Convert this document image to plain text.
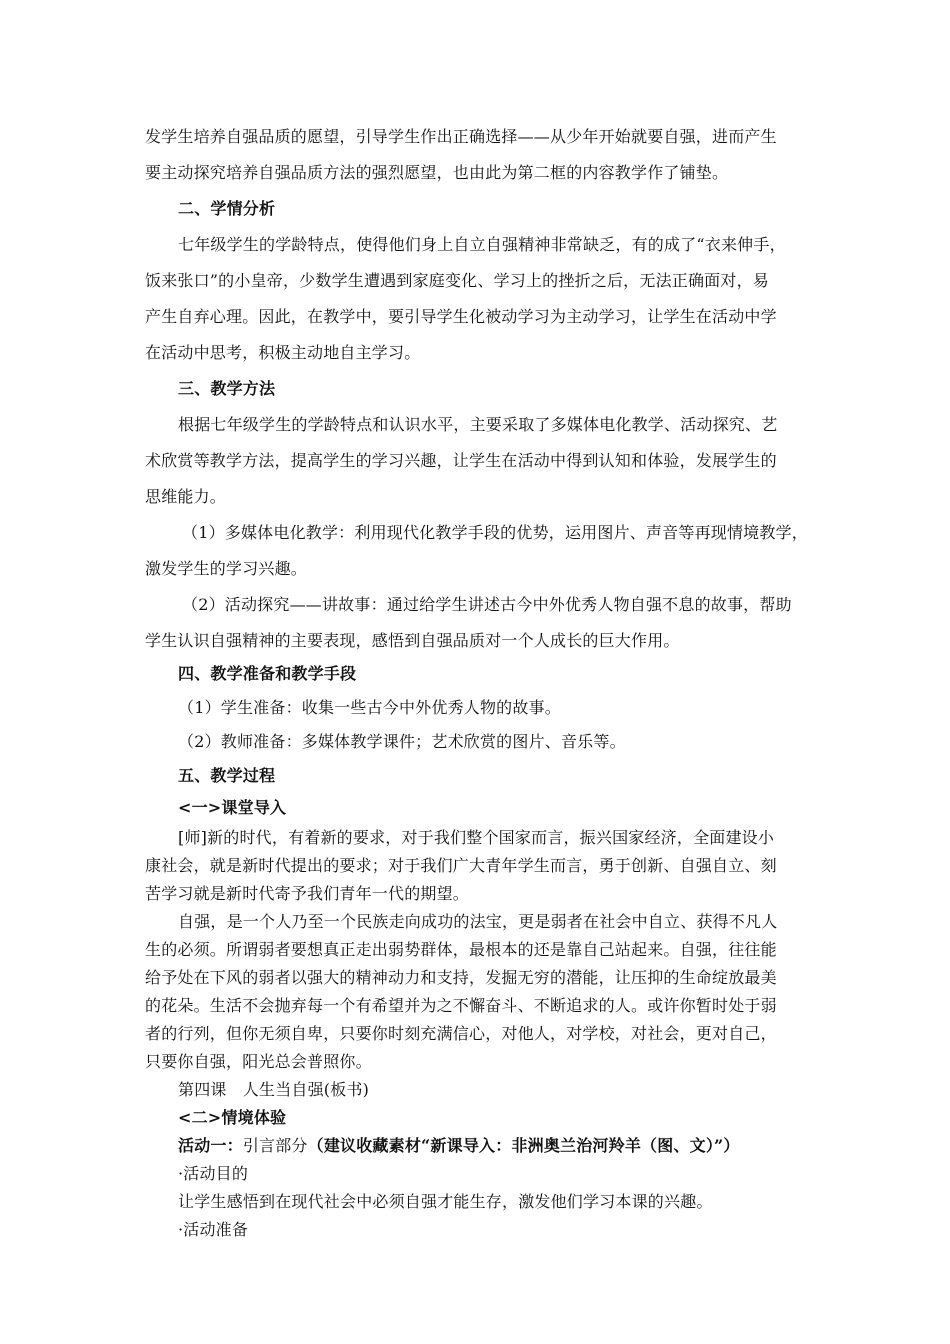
发学生培养自强品质的愿望，引导学生作出正确选择——从少年开始就要自强，进而产生
要主动探究培养自强品质方法的强烈愿望，也由此为第二框的内容教学作了铺垫。
二、学情分析
七年级学生的学龄特点，使得他们身上自立自强精神非常缺乏，有的成了“衣来伸手，
饭来张口”的小皇帝，少数学生遭遇到家庭变化、学习上的挫折之后，无法正确面对，易
产生自弃心理。因此，在教学中，要引导学生化被动学习为主动学习，让学生在活动中学
在活动中思考，积极主动地自主学习。
三、教学方法
根据七年级学生的学龄特点和认识水平，主要采取了多媒体电化教学、活动探究、艺
术欣赏等教学方法，提高学生的学习兴趣，让学生在活动中得到认知和体验，发展学生的
思维能力。
（1）多媒体电化教学：利用现代化教学手段的优势，运用图片、声音等再现情境教学，
激发学生的学习兴趣。
（2）活动探究——讲故事：通过给学生讲述古今中外优秀人物自强不息的故事，帮助
学生认识自强精神的主要表现，感悟到自强品质对一个人成长的巨大作用。
四、教学准备和教学手段
（1）学生准备：收集一些古今中外优秀人物的故事。
（2）教师准备：多媒体教学课件；艺术欣赏的图片、音乐等。
五、教学过程
<一>课堂导入
[师]新的时代，有着新的要求，对于我们整个国家而言，振兴国家经济，全面建设小
康社会，就是新时代提出的要求；对于我们广大青年学生而言，勇于创新、自强自立、刻
苦学习就是新时代寄予我们青年一代的期望。
自强，是一个人乃至一个民族走向成功的法宝，更是弱者在社会中自立、获得不凡人
生的必须。所谓弱者要想真正走出弱势群体，最根本的还是靠自己站起来。自强，往往能
给予处在下风的弱者以强大的精神动力和支持，发掘无穷的潜能，让压抑的生命绽放最美
的花朵。生活不会抛弃每一个有希望并为之不懈奋斗、不断追求的人。或许你暂时处于弱
者的行列，但你无须自卑，只要你时刻充满信心，对他人，对学校，对社会，更对自己，
只要你自强，阳光总会普照你。
第四课　人生当自强(板书)
<二>情境体验
活动一：引言部分（建议收藏素材“新课导入：非洲奥兰治河羚羊（图、文）”）
·活动目的
让学生感悟到在现代社会中必须自强才能生存，激发他们学习本课的兴趣。
·活动准备
